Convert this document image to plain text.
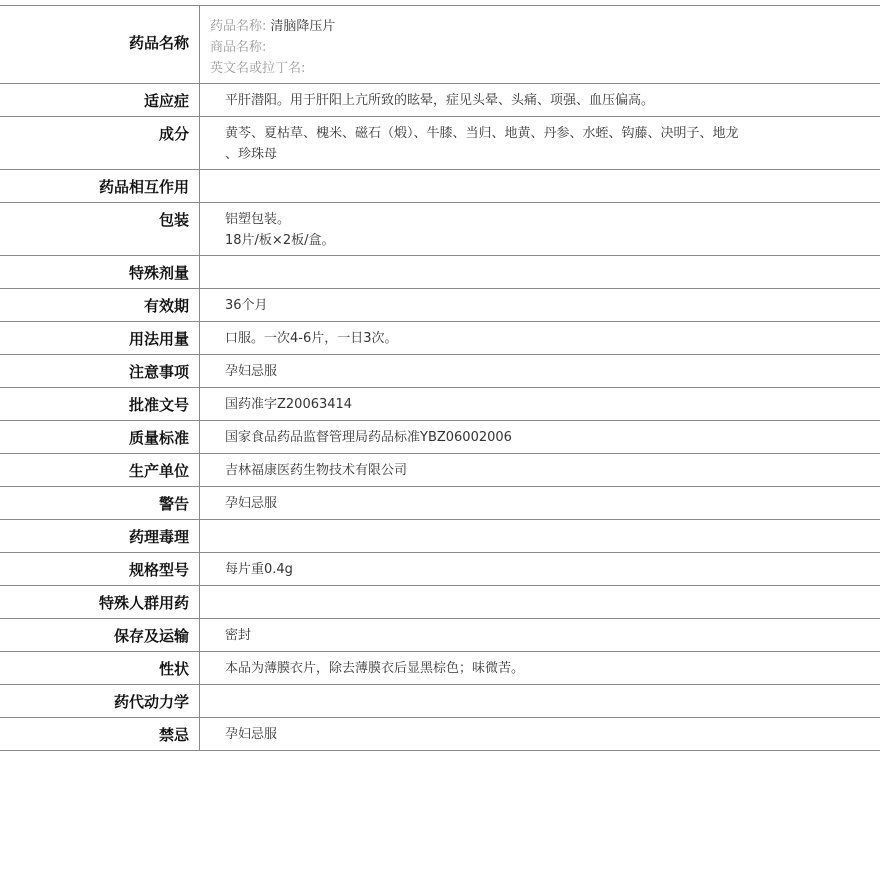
药品名称
药品名称: 清脑降压片
商品名称:
英文名或拉丁名:
适应症	平肝潜阳。用于肝阳上亢所致的眩晕，症见头晕、头痛、项强、血压偏高。
成分	黄芩、夏枯草、槐米、磁石（煅）、牛膝、当归、地黄、丹参、水蛭、钩藤、决明子、地龙
、珍珠母
药品相互作用
包装	铝塑包装。
18片/板×2板/盒。
特殊剂量
有效期	36个月
用法用量	口服。一次4-6片，一日3次。
注意事项	孕妇忌服
批准文号	国药准字Z20063414
质量标准	国家食品药品监督管理局药品标准YBZ06002006
生产单位	吉林福康医药生物技术有限公司
警告	孕妇忌服
药理毒理
规格型号	每片重0.4g
特殊人群用药
保存及运输	密封
性状	本品为薄膜衣片，除去薄膜衣后显黑棕色；味微苦。
药代动力学
禁忌	孕妇忌服
